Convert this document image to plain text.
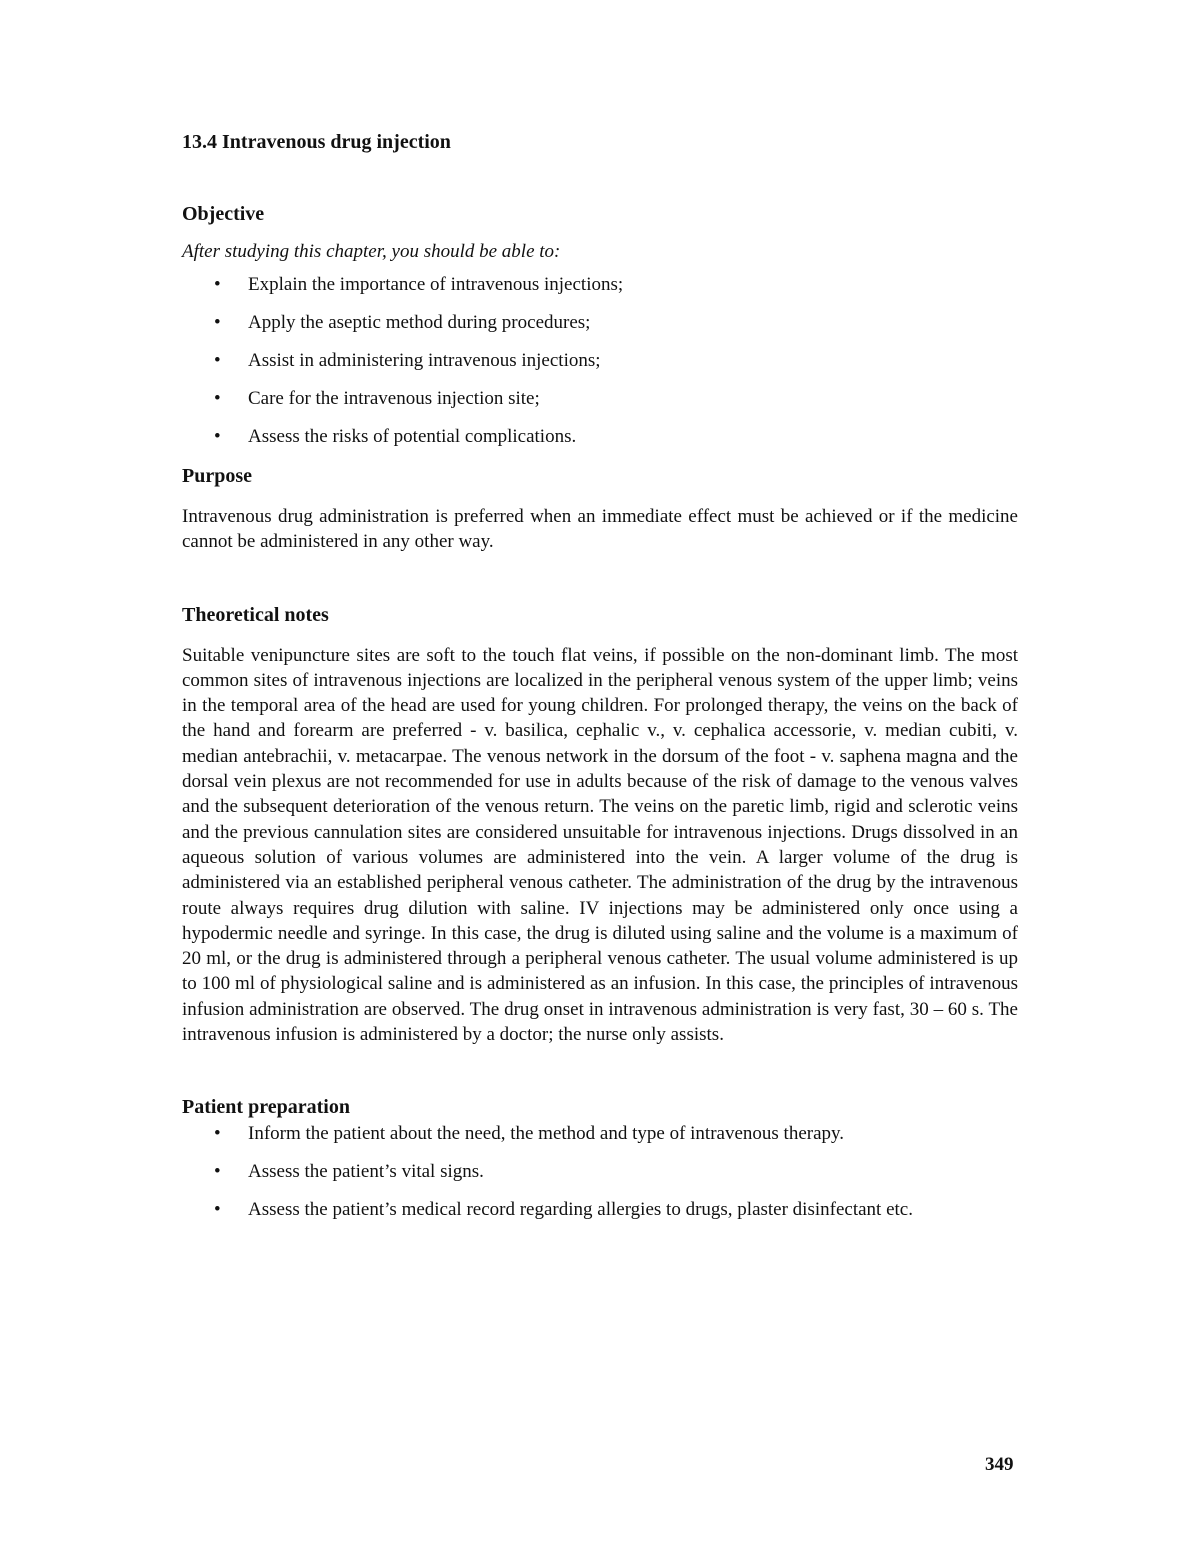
13.4 Intravenous drug injection
Objective

After studying this chapter, you should be able to:

• Explain the importance of intravenous injections;
• Apply the aseptic method during procedures;
• Assist in administering intravenous injections;
• Care for the intravenous injection site;
• Assess the risks of potential complications.
Purpose

Intravenous drug administration is preferred when an immediate effect must be achieved or if the medicine cannot be administered in any other way.

Theoretical notes

Suitable venipuncture sites are soft to the touch flat veins, if possible on the non-dominant limb. The most common sites of intravenous injections are localized in the peripheral venous system of the upper limb; veins in the temporal area of the head are used for young children. For prolonged therapy, the veins on the back of the hand and forearm are preferred - v. basilica, cephalic v., v. cephalica accessorie, v. median cubiti, v. median antebrachii, v. metacarpae. The venous network in the dorsum of the foot - v. saphena magna and the dorsal vein plexus are not recommended for use in adults because of the risk of damage to the venous valves and the subsequent deterioration of the venous return. The veins on the paretic limb, rigid and sclerotic veins and the previous cannulation sites are considered unsuitable for intravenous injections. Drugs dissolved in an aqueous solution of various volumes are administered into the vein. A larger volume of the drug is administered via an established peripheral venous catheter. The administration of the drug by the intravenous route always requires drug dilution with saline. IV injections may be administered only once using a hypodermic needle and syringe. In this case, the drug is diluted using saline and the volume is a maximum of 20 ml, or the drug is administered through a peripheral venous catheter. The usual volume administered is up to 100 ml of physiological saline and is administered as an infusion. In this case, the principles of intravenous infusion administration are observed. The drug onset in intravenous administration is very fast, 30 – 60 s. The intravenous infusion is administered by a doctor; the nurse only assists.

Patient preparation
• Inform the patient about the need, the method and type of intravenous therapy.
• Assess the patient’s vital signs.
• Assess the patient’s medical record regarding allergies to drugs, plaster disinfectant etc.
349
